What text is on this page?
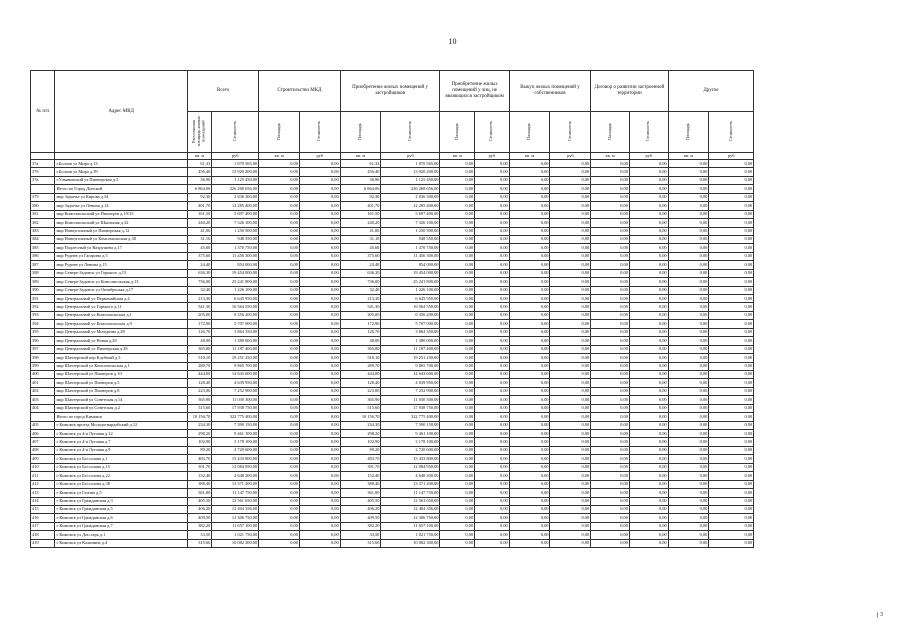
10
№ п/п	Адрес МКД	Всего		Строительство МКД		Приобретение жилых помещений у застройщиков		Приобретение жилых помещений у лиц, не являющихся застройщиком		Выкуп жилых помещений у собственников		Договор о развитии застроенной территории		Другое	
		Расселяемая площадь жилых помещений	Стоимость	Площадь	Стоимость	Площадь	Стоимость	Площадь	Стоимость	Площадь	Стоимость	Площадь	Стоимость	Площадь	Стоимость
		кв. м	руб	кв. м	руб	кв. м	руб	кв. м	руб	кв. м	руб	кв. м	руб	кв. м	руб
37а	г.Болхов ул Мира д.13	61,33	1 870 565,00	0,00	0,00	61,33	1 870 565,00	0,00	0,00	0,00	0,00	0,00	0,00	0,00	0,00
37б	г.Болхов ул Мира д.39	456,40	13 920 200,00	0,00	0,00	456,40	13 920 200,00	0,00	0,00	0,00	0,00	0,00	0,00	0,00	0,00
37в	г.Ульяновский ул.Пионерская д.3	36,90	1 125 450,00	0,00	0,00	36,90	1 125 450,00	0,00	0,00	0,00	0,00	0,00	0,00	0,00	0,00
	Итого по Город Донской	6 864,06	226 268 656,00	0,00	0,00	6 864,06	226 268 656,00	0,00	0,00	0,00	0,00	0,00	0,00	0,00	0,00
379	мкр Задонье ул Кирова д.34	92,30	2 836 300,00	0,00	0,00	92,30	2 836 300,00	0,00	0,00	0,00	0,00	0,00	0,00	0,00	0,00
380	мкр Задонье ул Ленина д.14	401,70	12 285 400,00	0,00	0,00	401,70	12 285 400,00	0,00	0,00	0,00	0,00	0,00	0,00	0,00	0,00
381	мкр Комсомольский ул Пионеров д.19/15	161,50	5 697 400,00	0,00	0,00	161,50	5 697 400,00	0,00	0,00	0,00	0,00	0,00	0,00	0,00	0,00
382	мкр Комсомольский ул Школьная д.32	240,20	7 326 100,00	0,00	0,00	240,20	7 326 100,00	0,00	0,00	0,00	0,00	0,00	0,00	0,00	0,00
383	мкр Новоугольный ул Пионерская д.12	41,00	1 250 500,00	0,00	0,00	41,00	1 250 500,00	0,00	0,00	0,00	0,00	0,00	0,00	0,00	0,00
384	мкр Новоугольный ул Комсомольская д.38	31,10	948 550,00	0,00	0,00	31,10	948 550,00	0,00	0,00	0,00	0,00	0,00	0,00	0,00	0,00
385	мкр Подлесный ул Вахрушева д.17	45,60	1 370 750,00	0,00	0,00	45,60	1 370 750,00	0,00	0,00	0,00	0,00	0,00	0,00	0,00	0,00
386	мкр Руднев ул Гагарина д.5	375,60	11 456 300,00	0,00	0,00	375,60	11 456 300,00	0,00	0,00	0,00	0,00	0,00	0,00	0,00	0,00
387	мкр Руднев ул Ленина д.15	24,40	854 000,00	0,00	0,00	24,40	854 000,00	0,00	0,00	0,00	0,00	0,00	0,00	0,00	0,00
388	мкр Северо-Задонск ул Горького д.15	636,30	19 454 000,00	0,00	0,00	636,30	19 454 000,00	0,00	0,00	0,00	0,00	0,00	0,00	0,00	0,00
389	мкр Северо-Задонск ул Комсомольская д.13	736,00	25 241 800,00	0,00	0,00	736,00	25 241 800,00	0,00	0,00	0,00	0,00	0,00	0,00	0,00	0,00
390	мкр Северо-Задонск ул Октябрьская д.17	32,40	1 226 100,00	0,00	0,00	32,40	1 226 100,00	0,00	0,00	0,00	0,00	0,00	0,00	0,00	0,00
391	мкр Центральный ул Первомайская д.4	213,30	6 645 950,00	0,00	0,00	213,30	6 645 950,00	0,00	0,00	0,00	0,00	0,00	0,00	0,00	0,00
392	мкр Центральный ул Горького д.11	541,30	16 564 550,00	0,00	0,00	541,30	16 564 550,00	0,00	0,00	0,00	0,00	0,00	0,00	0,00	0,00
393	мкр Центральный ул Комсомольская д.1	205,00	6 356 200,00	0,00	0,00	205,00	6 356 200,00	0,00	0,00	0,00	0,00	0,00	0,00	0,00	0,00
394	мкр Центральный ул Комсомольская д.9	172,90	5 707 000,00	0,00	0,00	172,90	5 707 000,00	0,00	0,00	0,00	0,00	0,00	0,00	0,00	0,00
395	мкр Центральный ул Мичурина д.49	126,70	3 864 350,00	0,00	0,00	126,70	3 864 350,00	0,00	0,00	0,00	0,00	0,00	0,00	0,00	0,00
396	мкр Центральный ул Новая д.20	48,00	1 380 000,00	0,00	0,00	48,00	1 380 000,00	0,00	0,00	0,00	0,00	0,00	0,00	0,00	0,00
397	мкр Центральный ул Пионерская д.38	365,80	11 187 400,00	0,00	0,00	365,80	11 187 400,00	0,00	0,00	0,00	0,00	0,00	0,00	0,00	0,00
398	мкр Шахтерский пер Клубный д.5	510,10	19 251 250,00	0,00	0,00	510,10	19 251 250,00	0,00	0,00	0,00	0,00	0,00	0,00	0,00	0,00
399	мкр Шахтерский ул Комсомольская д.1	289,70	9 865 700,00	0,00	0,00	289,70	9 865 700,00	0,00	0,00	0,00	0,00	0,00	0,00	0,00	0,00
400	мкр Шахтерский ул Пионеров д.10	444,00	14 643 600,00	0,00	0,00	444,00	14 643 600,00	0,00	0,00	0,00	0,00	0,00	0,00	0,00	0,00
401	мкр Шахтерский ул Пионеров д.5	128,40	4 639 950,00	0,00	0,00	128,40	4 639 950,00	0,00	0,00	0,00	0,00	0,00	0,00	0,00	0,00
402	мкр Шахтерский ул Пионеров д.8	223,00	7 252 900,00	0,00	0,00	223,00	7 252 900,00	0,00	0,00	0,00	0,00	0,00	0,00	0,00	0,00
403	мкр Шахтерский ул Советская д.14	365,90	11 030 300,00	0,00	0,00	365,90	11 030 300,00	0,00	0,00	0,00	0,00	0,00	0,00	0,00	0,00
404	мкр Шахтерский ул Советская д.2	515,60	17 938 750,00	0,00	0,00	515,60	17 938 750,00	0,00	0,00	0,00	0,00	0,00	0,00	0,00	0,00
	Итого по город Кимовск	10 156,70	322 775 400,00	0,00	0,00	10 156,70	322 775 400,00	0,00	0,00	0,00	0,00	0,00	0,00	0,00	0,00
405	г Кимовск проезд Молодогвардейский д.12	234,30	7 390 150,00	0,00	0,00	234,30	7 390 150,00	0,00	0,00	0,00	0,00	0,00	0,00	0,00	0,00
406	г Кимовск ул 4-я Луговая д.12	298,20	9 461 100,00	0,00	0,00	298,20	9 461 100,00	0,00	0,00	0,00	0,00	0,00	0,00	0,00	0,00
407	г Кимовск ул 4-я Луговая д.7	102,90	3 178 100,00	0,00	0,00	102,90	3 178 100,00	0,00	0,00	0,00	0,00	0,00	0,00	0,00	0,00
408	г Кимовск ул 4-я Луговая д.9	89,20	2 720 600,00	0,00	0,00	89,20	2 720 600,00	0,00	0,00	0,00	0,00	0,00	0,00	0,00	0,00
409	г Кимовск ул Бессолова д.1	483,70	15 433 800,00	0,00	0,00	483,70	15 433 800,00	0,00	0,00	0,00	0,00	0,00	0,00	0,00	0,00
410	г Кимовск ул Бессолова д.15	391,70	12 084 950,00	0,00	0,00	391,70	12 084 950,00	0,00	0,00	0,00	0,00	0,00	0,00	0,00	0,00
411	г Кимовск ул Бессолова д.22	152,40	4 648 200,00	0,00	0,00	152,40	4 648 200,00	0,00	0,00	0,00	0,00	0,00	0,00	0,00	0,00
412	г Кимовск ул Бессолова д.38	388,40	13 371 200,00	0,00	0,00	388,40	13 371 200,00	0,00	0,00	0,00	0,00	0,00	0,00	0,00	0,00
413	г Кимовск ул Гагина д.5	361,80	11 147 750,00	0,00	0,00	361,80	11 147 750,00	0,00	0,00	0,00	0,00	0,00	0,00	0,00	0,00
414	г Кимовск ул Гражданская д.3	405,50	12 561 650,00	0,00	0,00	405,50	12 561 650,00	0,00	0,00	0,00	0,00	0,00	0,00	0,00	0,00
415	г Кимовск ул Гражданская д.5	406,20	12 404 356,00	0,00	0,00	406,20	12 404 356,00	0,00	0,00	0,00	0,00	0,00	0,00	0,00	0,00
416	г Кимовск ул Гражданская д.6	409,50	12 306 750,00	0,00	0,00	409,50	12 306 750,00	0,00	0,00	0,00	0,00	0,00	0,00	0,00	0,00
417	г Кимовск ул Гражданская д.7	382,20	11 657 100,00	0,00	0,00	382,20	11 657 100,00	0,00	0,00	0,00	0,00	0,00	0,00	0,00	0,00
418	г Кимовск ул Доп.гарь д.1	33,50	1 021 750,00	0,00	0,00	33,50	1 021 750,00	0,00	0,00	0,00	0,00	0,00	0,00	0,00	0,00
419	г Кимовск ул Калинина д.4	315,60	10 082 300,00	0,00	0,00	315,60	10 082 300,00	0,00	0,00	0,00	0,00	0,00	0,00	0,00	0,00
j 3
